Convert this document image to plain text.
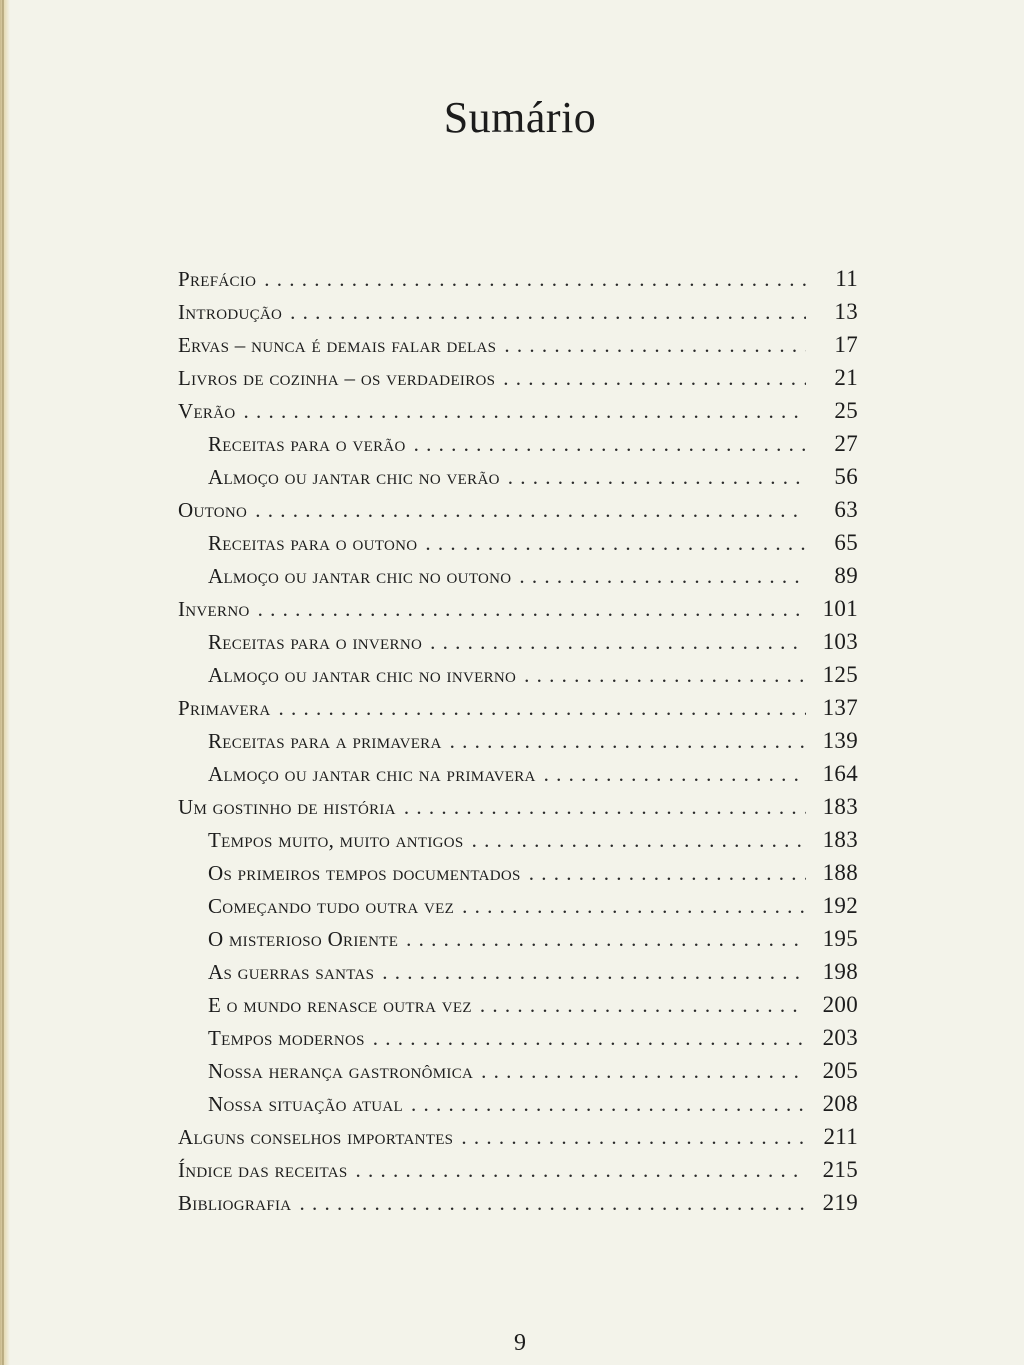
Sumário
Prefácio . . .	11
Introdução . . .	13
Ervas – nunca é demais falar delas . . .	17
Livros de cozinha – os verdadeiros . . .	21
Verão . . .	25
Receitas para o verão . . .	27
Almoço ou jantar chic no verão . . .	56
Outono . . .	63
Receitas para o outono . . .	65
Almoço ou jantar chic no outono . . .	89
Inverno . . .	101
Receitas para o inverno . . .	103
Almoço ou jantar chic no inverno . . .	125
Primavera . . .	137
Receitas para a primavera . . .	139
Almoço ou jantar chic na primavera . . .	164
Um gostinho de história . . .	183
Tempos muito, muito antigos . . .	183
Os primeiros tempos documentados . . .	188
Começando tudo outra vez . . .	192
O misterioso Oriente . . .	195
As guerras santas . . .	198
E o mundo renasce outra vez . . .	200
Tempos modernos . . .	203
Nossa herança gastronômica . . .	205
Nossa situação atual . . .	208
Alguns conselhos importantes . . .	211
Índice das receitas . . .	215
Bibliografia . . .	219
9
